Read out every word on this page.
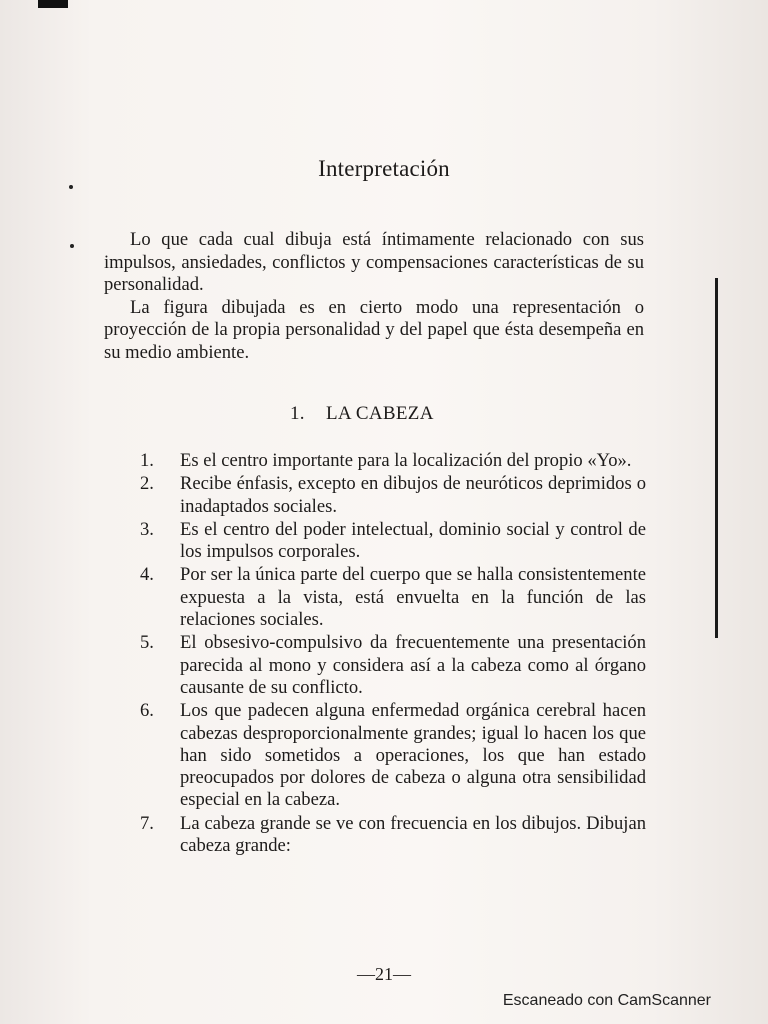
Interpretación

Lo que cada cual dibuja está íntimamente relacionado con sus impulsos, ansiedades, conflictos y compensaciones características de su personalidad.

La figura dibujada es en cierto modo una representación o proyección de la propia personalidad y del papel que ésta desempeña en su medio ambiente.

1. LA CABEZA
1. Es el centro importante para la localización del propio «Yo».
2. Recibe énfasis, excepto en dibujos de neuróticos deprimidos o inadaptados sociales.
3. Es el centro del poder intelectual, dominio social y control de los impulsos corporales.
4. Por ser la única parte del cuerpo que se halla consistentemente expuesta a la vista, está envuelta en la función de las relaciones sociales.
5. El obsesivo-compulsivo da frecuentemente una presentación parecida al mono y considera así a la cabeza como al órgano causante de su conflicto.
6. Los que padecen alguna enfermedad orgánica cerebral hacen cabezas desproporcionalmente grandes; igual lo hacen los que han sido sometidos a operaciones, los que han estado preocupados por dolores de cabeza o alguna otra sensibilidad especial en la cabeza.
7. La cabeza grande se ve con frecuencia en los dibujos. Dibujan cabeza grande:
—21—
Escaneado con CamScanner
